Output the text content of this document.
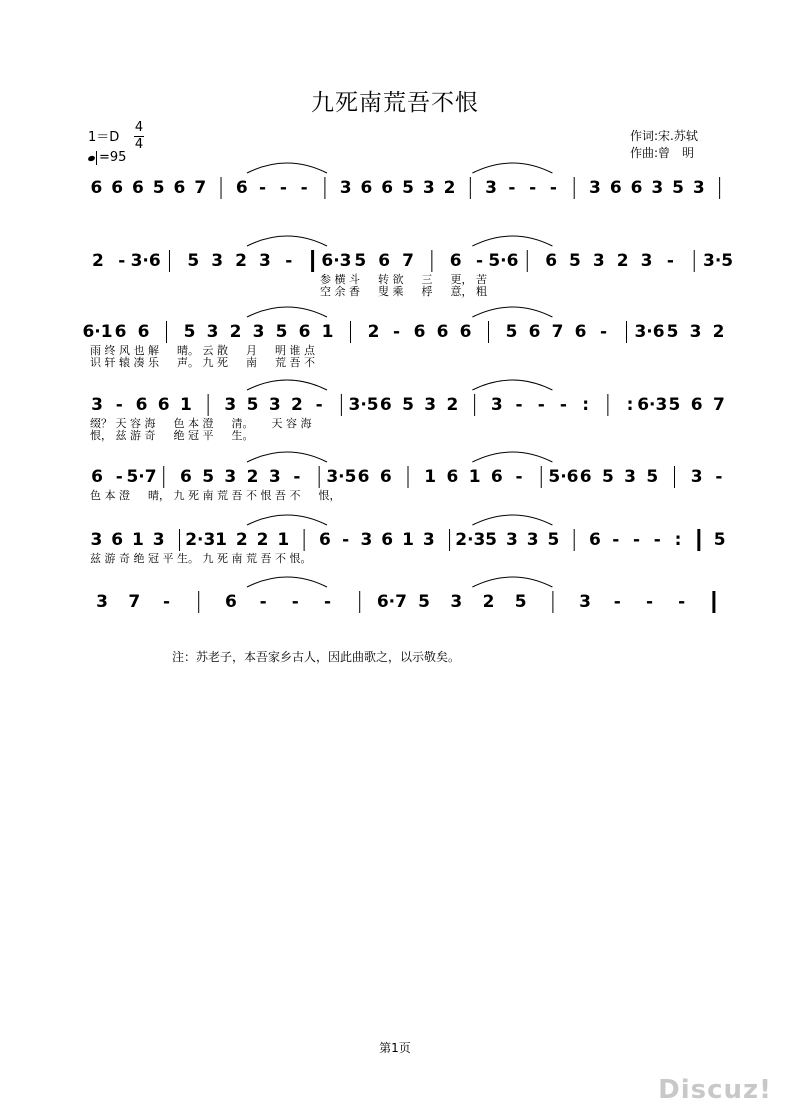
九死南荒吾不恨
1＝D
4
4
=95
作词:宋.苏轼
作曲:曾　明
6 6 6 5 6 7 6 - - - 3 6 6 5 3 2 3 - - - 3 6 6 3 5 3
2 - 3·6 5 3 2 3 - 6·3 5 6 7 6 - 5·6 6 5 3 2 3 - 3·5
参 横 斗 　 转 欲 　 三 　 更， 苦
空 余 香 　 叟 乘 　 桴 　 意， 粗
6·1 6 6 5 3 2 3 5 6 1 2 - 6 6 6 5 6 7 6 - 3·6 5 3 2
雨 终 风 也 解 　 晴。 云 散 　 月 　 明 谁 点
识 轩 辕 凑 乐 　 声。 九 死 　 南 　 荒 吾 不
3 - 6 6 1 3 5 3 2 - 3·5 6 5 3 2 3 - - - : : 6·3 5 6 7
缀？ 天 容 海 　 色 本 澄 　 清。 　 天 容 海
恨， 兹 游 奇 　 绝 冠 平 　 生。
6 - 5·7 6 5 3 2 3 - 3·5 6 6 1 6 1 6 - 5·6 6 5 3 5 3 -
色 本 澄 　 晴， 九 死 南 荒 吾 不 恨 吾 不 　 恨，
3 6 1 3 2·3 1 2 2 1 6 - 3 6 1 3 2·3 5 3 3 5 6 - - - : 5
兹 游 奇 绝 冠 平 生。 九 死 南 荒 吾 不 恨。
3 7 -	6 - - -	6·7 5 3 2 5	3 - - -
注：苏老子，本吾家乡古人，因此曲歌之，以示敬矣。
第1页
Discuz!
